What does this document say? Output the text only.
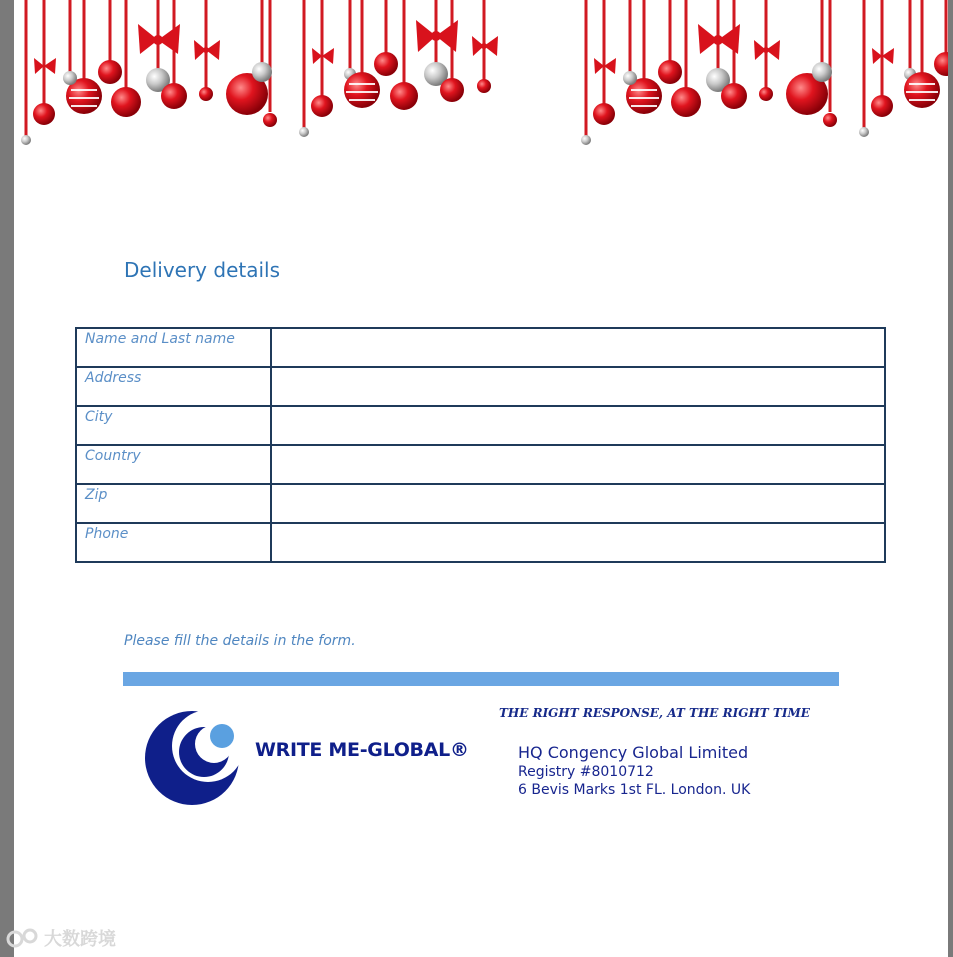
Delivery details
Name and Last name	
Address	
City	
Country	
Zip	
Phone	
Please fill the details in the form.
WRITE ME-GLOBAL®
THE RIGHT RESPONSE, AT THE RIGHT TIME
HQ Congency Global Limited
Registry #8010712
6 Bevis Marks 1st FL. London. UK
大数跨境
